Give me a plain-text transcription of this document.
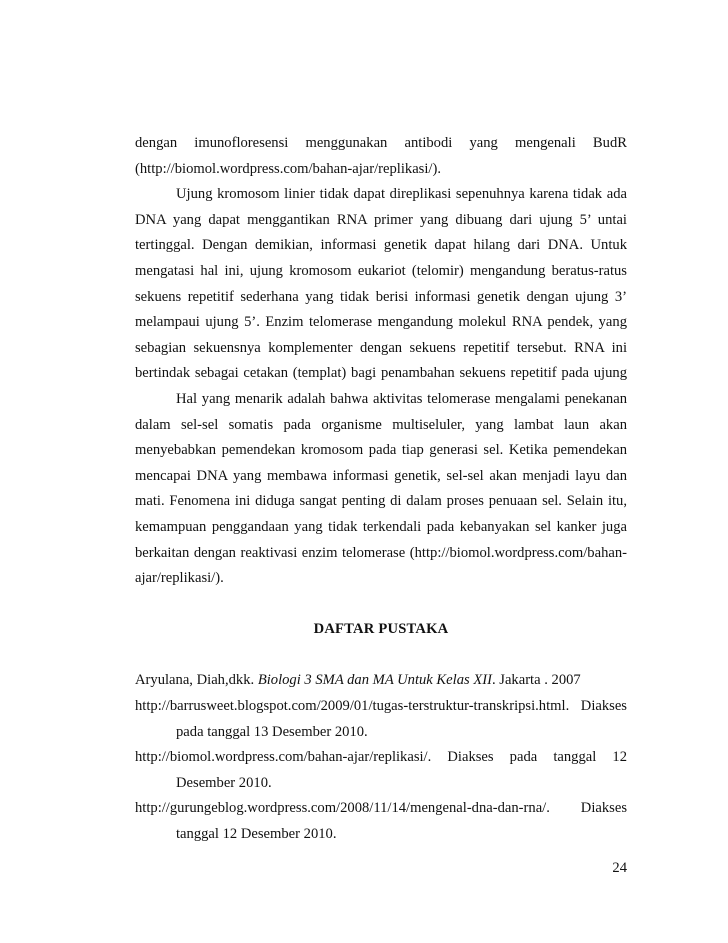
dengan imunofloresensi menggunakan antibodi yang mengenali BudR
(http://biomol.wordpress.com/bahan-ajar/replikasi/).
Ujung kromosom linier tidak dapat direplikasi sepenuhnya karena tidak ada
DNA yang dapat menggantikan RNA primer yang dibuang dari ujung 5’ untai
tertinggal. Dengan demikian, informasi genetik dapat hilang dari DNA. Untuk
mengatasi hal ini, ujung kromosom eukariot (telomir) mengandung beratus-ratus
sekuens repetitif sederhana yang tidak berisi informasi genetik dengan ujung 3’
melampaui ujung 5’. Enzim telomerase mengandung molekul RNA pendek, yang
sebagian sekuensnya komplementer dengan sekuens repetitif tersebut. RNA ini
bertindak sebagai cetakan (templat) bagi penambahan sekuens repetitif pada ujung
Hal yang menarik adalah bahwa aktivitas telomerase mengalami penekanan
dalam sel-sel somatis pada organisme multiseluler, yang lambat laun akan
menyebabkan pemendekan kromosom pada tiap generasi sel. Ketika pemendekan
mencapai DNA yang membawa informasi genetik, sel-sel akan menjadi layu dan
mati. Fenomena ini diduga sangat penting di dalam proses penuaan sel. Selain itu,
kemampuan penggandaan yang tidak terkendali pada kebanyakan sel kanker juga
berkaitan dengan reaktivasi enzim telomerase (http://biomol.wordpress.com/bahan-
ajar/replikasi/).
DAFTAR PUSTAKA
Aryulana, Diah,dkk. Biologi 3 SMA dan MA Untuk Kelas XII. Jakarta . 2007
http://barrusweet.blogspot.com/2009/01/tugas-terstruktur-transkripsi.html. Diakses
pada tanggal 13 Desember 2010.
http://biomol.wordpress.com/bahan-ajar/replikasi/. Diakses pada tanggal 12
Desember 2010.
http://gurungeblog.wordpress.com/2008/11/14/mengenal-dna-dan-rna/. Diakses
tanggal 12 Desember 2010.
24
